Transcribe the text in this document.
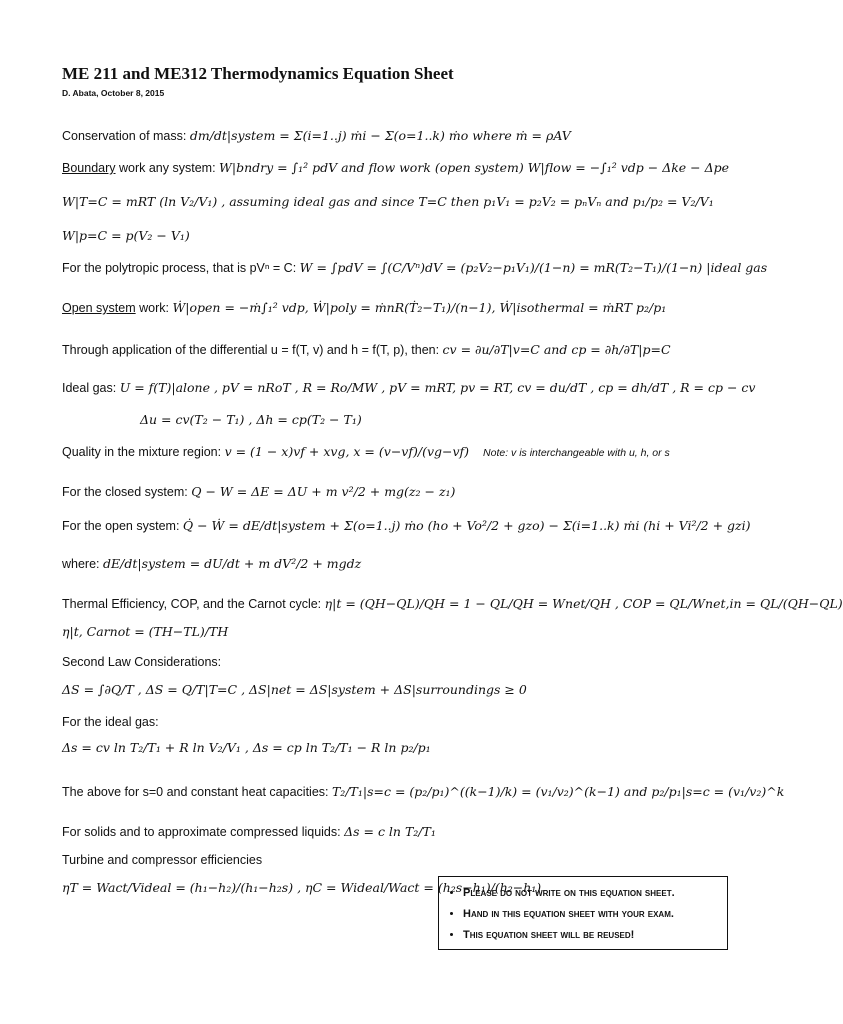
ME 211 and ME312 Thermodynamics Equation Sheet
D. Abata, October 8, 2015
Conservation of mass: dm/dt|system = Σ(i=1..j) ṁi − Σ(o=1..k) ṁo where ṁ = ρAV
Boundary work any system: W|bndry = ∫₁² pdV and flow work (open system) W|flow = −∫₁² vdp − Δke − Δpe
W|T=C = mRT (ln V₂/V₁) , assuming ideal gas and since T=C then p₁V₁ = p₂V₂ = pₙVₙ and p₁/p₂ = V₂/V₁
W|p=C = p(V₂ − V₁)
For the polytropic process, that is pVⁿ = C: W = ∫pdV = ∫(C/Vⁿ)dV = (p₂V₂−p₁V₁)/(1−n) = mR(T₂−T₁)/(1−n) |ideal gas
Open system work: Ẇ|open = −ṁ∫₁² vdp, Ẇ|poly = ṁnR(Ṫ₂−T₁)/(n−1), Ẇ|isothermal = ṁRT p₂/p₁
Through application of the differential u = f(T, v) and h = f(T, p), then: cv = ∂u/∂T|v=C and cp = ∂h/∂T|p=C
Ideal gas: U = f(T)|alone , pV = nRoT , R = Ro/MW , pV = mRT, pv = RT, cv = du/dT , cp = dh/dT , R = cp − cv
Δu = cv(T₂ − T₁) , Δh = cp(T₂ − T₁)
Quality in the mixture region: v = (1 − x)vf + xvg, x = (v−vf)/(vg−vf) Note: v is interchangeable with u, h, or s
For the closed system: Q − W = ΔE = ΔU + m v²/2 + mg(z₂ − z₁)
For the open system: Q̇ − Ẇ = dE/dt|system + Σ(o=1..j) ṁo (ho + Vo²/2 + gzo) − Σ(i=1..k) ṁi (hi + Vi²/2 + gzi)
where: dE/dt|system = dU/dt + m dV²/2 + mgdz
Thermal Efficiency, COP, and the Carnot cycle: η|t = (QH−QL)/QH = 1 − QL/QH = Wnet/QH , COP = QL/Wnet,in = QL/(QH−QL)
η|t, Carnot = (TH−TL)/TH
Second Law Considerations:
ΔS = ∫∂Q/T , ΔS = Q/T|T=C , ΔS|net = ΔS|system + ΔS|surroundings ≥ 0
For the ideal gas:
Δs = cv ln T₂/T₁ + R ln V₂/V₁ , Δs = cp ln T₂/T₁ − R ln p₂/p₁
The above for s=0 and constant heat capacities: T₂/T₁|s=c = (p₂/p₁)^((k−1)/k) = (v₁/v₂)^(k−1) and p₂/p₁|s=c = (v₁/v₂)^k
For solids and to approximate compressed liquids: Δs = c ln T₂/T₁
Turbine and compressor efficiencies
ηT = Wact/Videal = (h₁−h₂)/(h₁−h₂s) , ηC = Wideal/Wact = (h₂s−h₁)/(h₂−h₁)
• Please do not write on this equation sheet.
• Hand in this equation sheet with your exam.
• This equation sheet will be reused!
